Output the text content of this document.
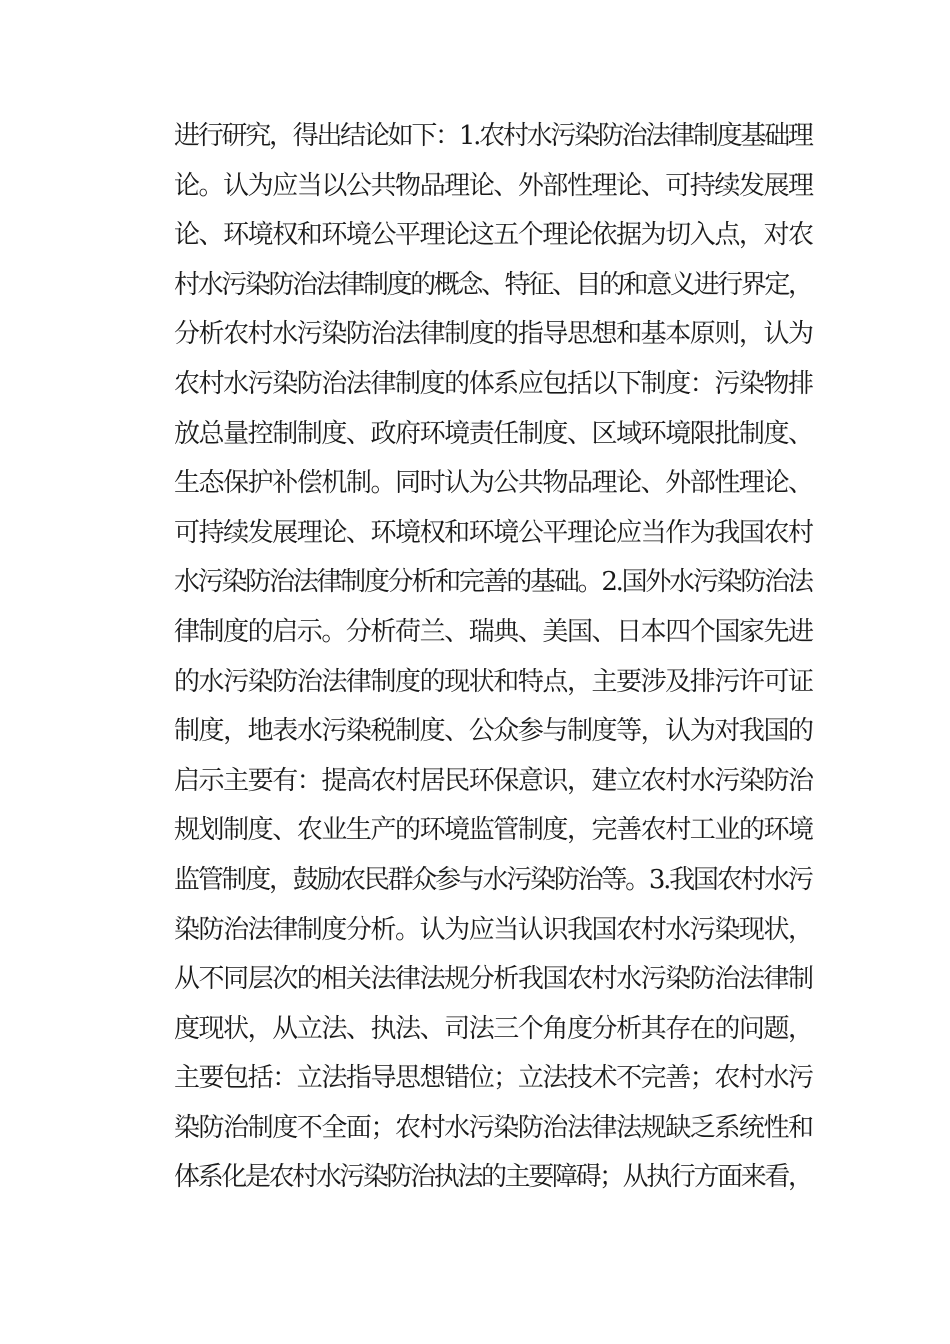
进行研究，得出结论如下：1.农村水污染防治法律制度基础理
论。认为应当以公共物品理论、外部性理论、可持续发展理
论、环境权和环境公平理论这五个理论依据为切入点，对农
村水污染防治法律制度的概念、特征、目的和意义进行界定，
分析农村水污染防治法律制度的指导思想和基本原则，认为
农村水污染防治法律制度的体系应包括以下制度：污染物排
放总量控制制度、政府环境责任制度、区域环境限批制度、
生态保护补偿机制。同时认为公共物品理论、外部性理论、
可持续发展理论、环境权和环境公平理论应当作为我国农村
水污染防治法律制度分析和完善的基础。2.国外水污染防治法
律制度的启示。分析荷兰、瑞典、美国、日本四个国家先进
的水污染防治法律制度的现状和特点，主要涉及排污许可证
制度，地表水污染税制度、公众参与制度等，认为对我国的
启示主要有：提高农村居民环保意识，建立农村水污染防治
规划制度、农业生产的环境监管制度，完善农村工业的环境
监管制度，鼓励农民群众参与水污染防治等。3.我国农村水污
染防治法律制度分析。认为应当认识我国农村水污染现状，
从不同层次的相关法律法规分析我国农村水污染防治法律制
度现状，从立法、执法、司法三个角度分析其存在的问题，
主要包括：立法指导思想错位；立法技术不完善；农村水污
染防治制度不全面；农村水污染防治法律法规缺乏系统性和
体系化是农村水污染防治执法的主要障碍；从执行方面来看，
